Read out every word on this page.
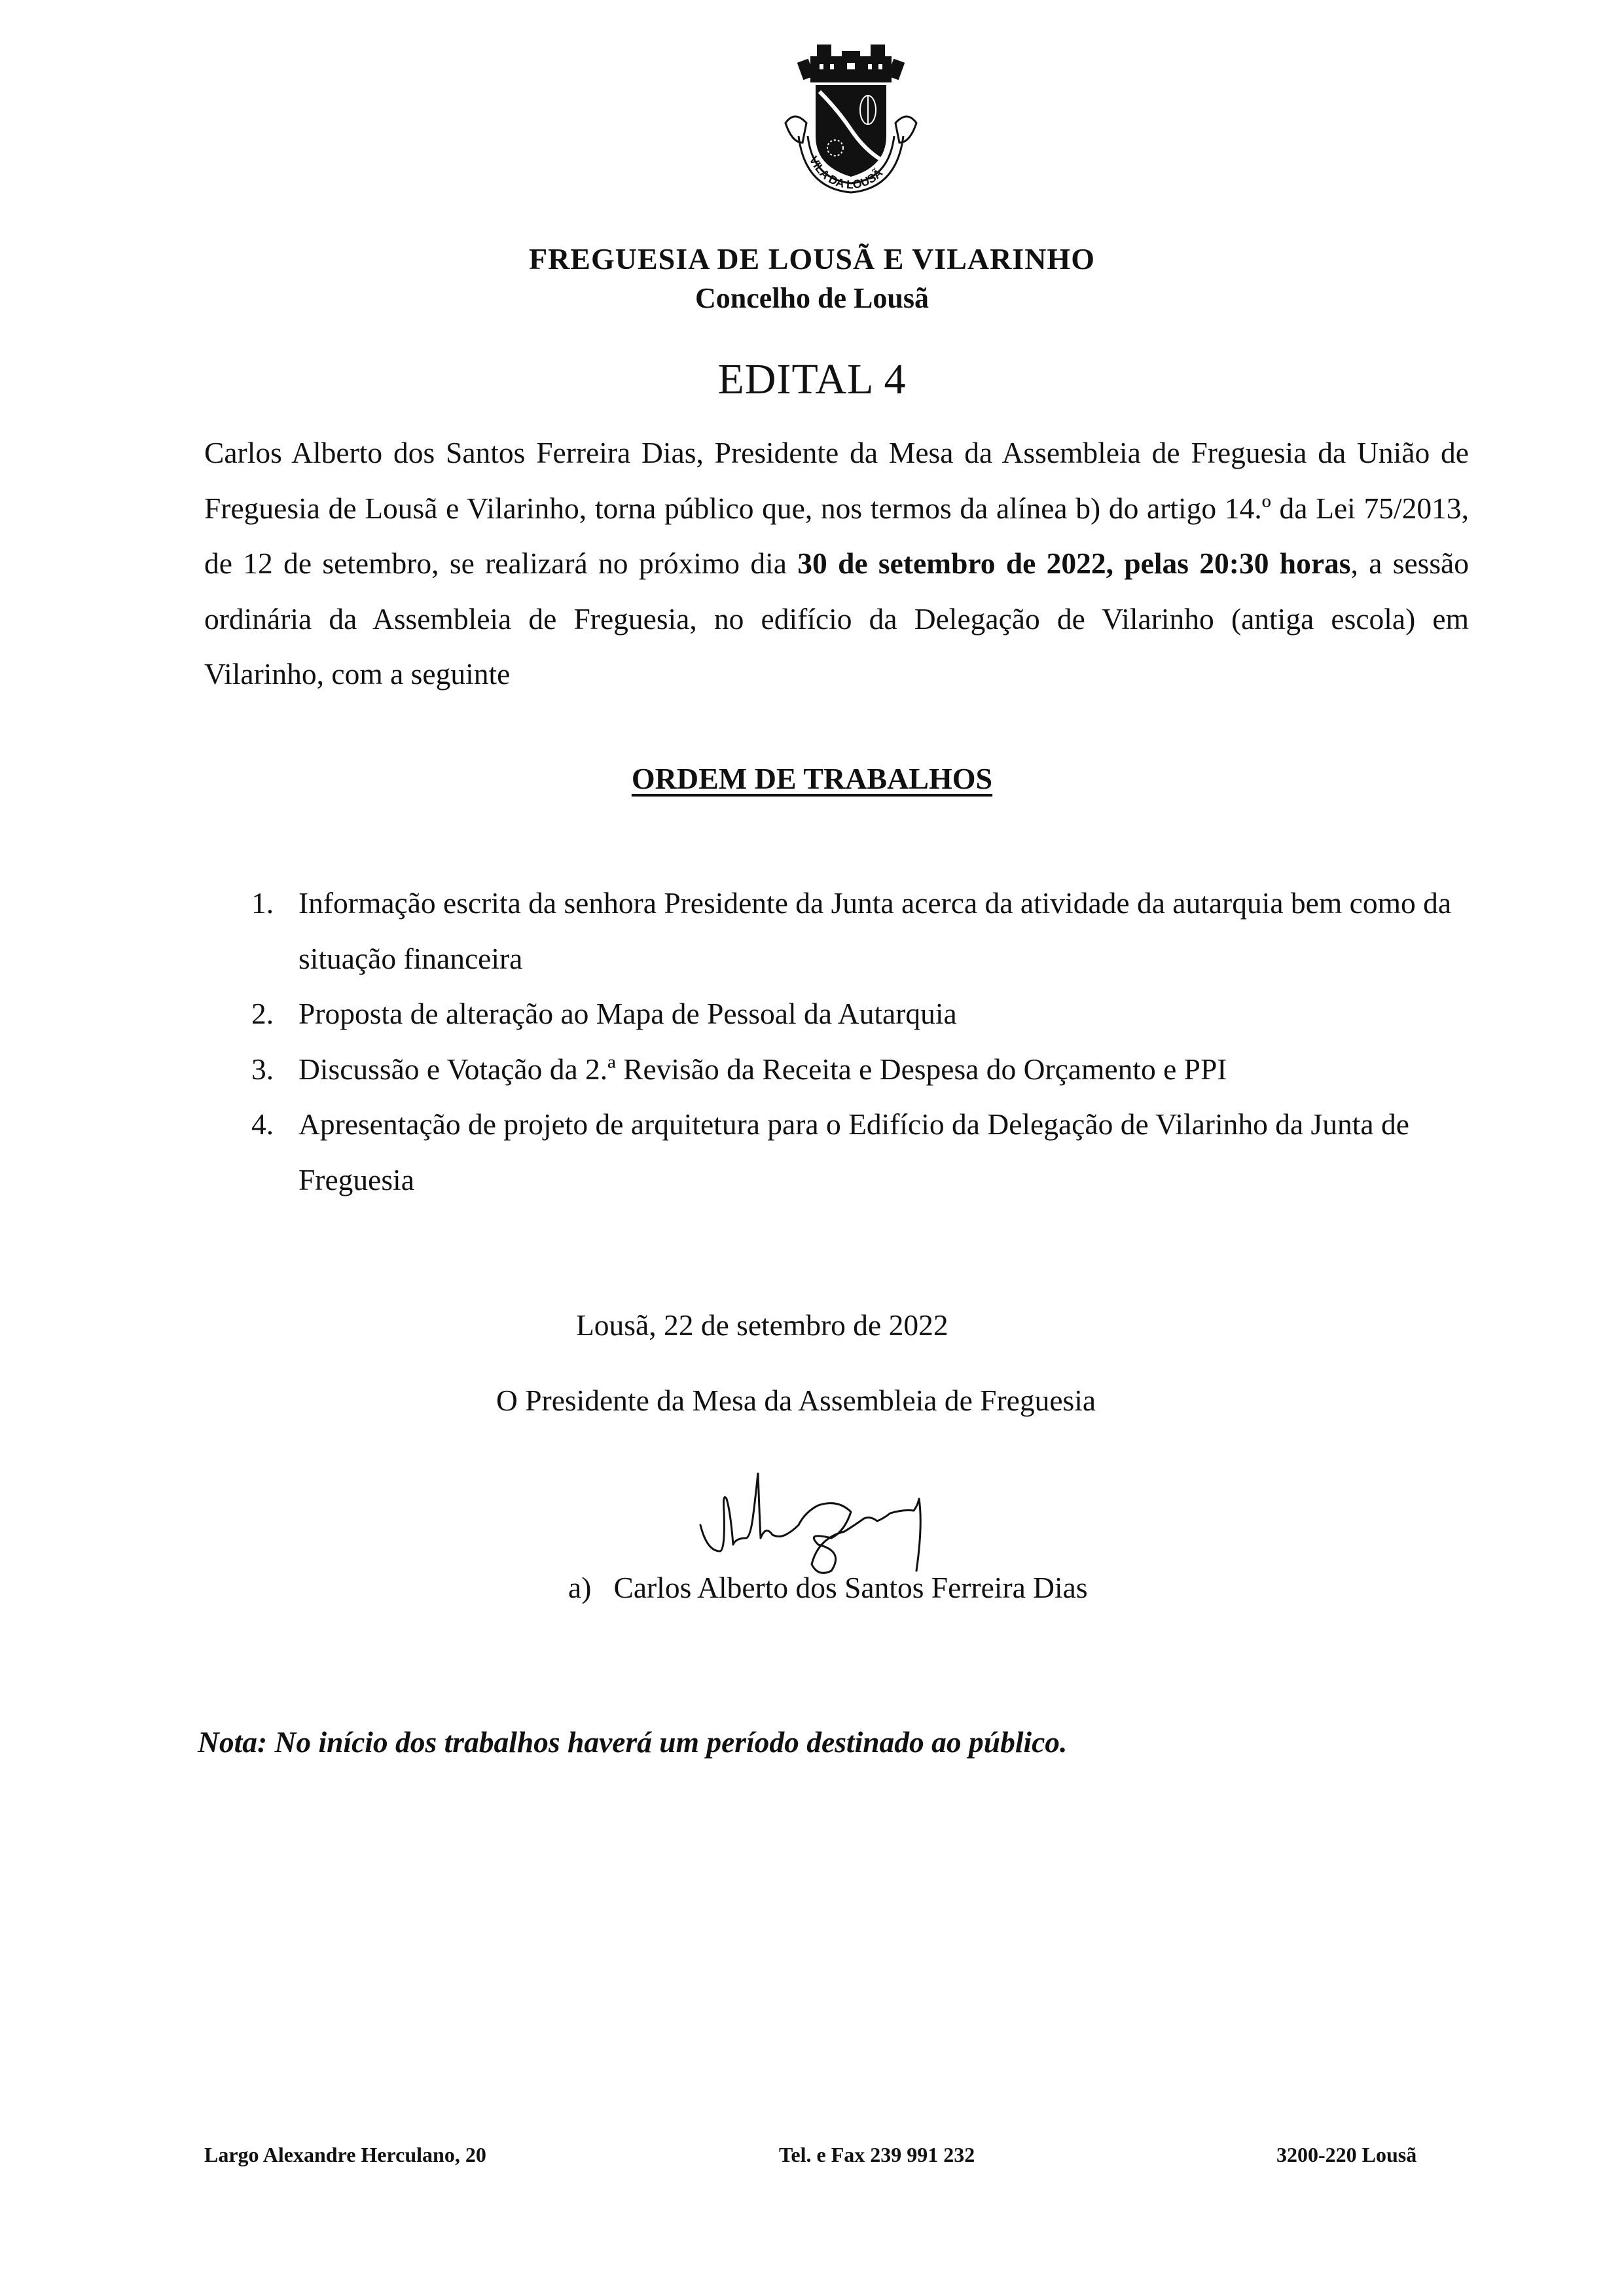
VILA DA LOUSÃ
FREGUESIA DE LOUSÃ E VILARINHO
Concelho de Lousã
EDITAL 4
Carlos Alberto dos Santos Ferreira Dias, Presidente da Mesa da Assembleia de Freguesia da União de Freguesia de Lousã e Vilarinho, torna público que, nos termos da alínea b) do artigo 14.º da Lei 75/2013, de 12 de setembro, se realizará no próximo dia 30 de setembro de 2022, pelas 20:30 horas, a sessão ordinária da Assembleia de Freguesia, no edifício da Delegação de Vilarinho (antiga escola) em Vilarinho, com a seguinte
ORDEM DE TRABALHOS
1. Informação escrita da senhora Presidente da Junta acerca da atividade da autarquia bem como da situação financeira
2. Proposta de alteração ao Mapa de Pessoal da Autarquia
3. Discussão e Votação da 2.ª Revisão da Receita e Despesa do Orçamento e PPI
4. Apresentação de projeto de arquitetura para o Edifício da Delegação de Vilarinho da Junta de Freguesia
Lousã, 22 de setembro de 2022
O Presidente da Mesa da Assembleia de Freguesia
a) Carlos Alberto dos Santos Ferreira Dias
Nota: No início dos trabalhos haverá um período destinado ao público.
Largo Alexandre Herculano, 20	Tel. e Fax 239 991 232	3200-220 Lousã
